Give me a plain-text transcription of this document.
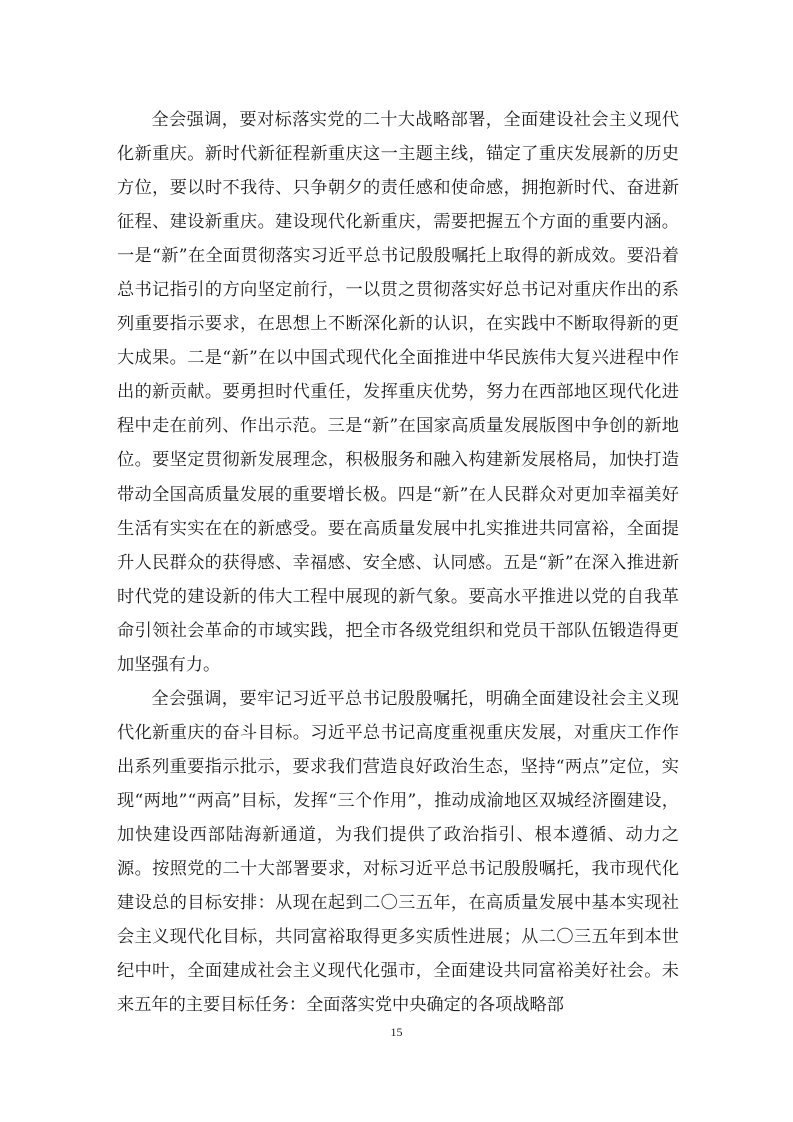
全会强调，要对标落实党的二十大战略部署，全面建设社会主义现代化新重庆。新时代新征程新重庆这一主题主线，锚定了重庆发展新的历史方位，要以时不我待、只争朝夕的责任感和使命感，拥抱新时代、奋进新征程、建设新重庆。建设现代化新重庆，需要把握五个方面的重要内涵。一是“新”在全面贯彻落实习近平总书记殷殷嘱托上取得的新成效。要沿着总书记指引的方向坚定前行，一以贯之贯彻落实好总书记对重庆作出的系列重要指示要求，在思想上不断深化新的认识，在实践中不断取得新的更大成果。二是“新”在以中国式现代化全面推进中华民族伟大复兴进程中作出的新贡献。要勇担时代重任，发挥重庆优势，努力在西部地区现代化进程中走在前列、作出示范。三是“新”在国家高质量发展版图中争创的新地位。要坚定贯彻新发展理念，积极服务和融入构建新发展格局，加快打造带动全国高质量发展的重要增长极。四是“新”在人民群众对更加幸福美好生活有实实在在的新感受。要在高质量发展中扎实推进共同富裕，全面提升人民群众的获得感、幸福感、安全感、认同感。五是“新”在深入推进新时代党的建设新的伟大工程中展现的新气象。要高水平推进以党的自我革命引领社会革命的市域实践，把全市各级党组织和党员干部队伍锻造得更加坚强有力。

全会强调，要牢记习近平总书记殷殷嘱托，明确全面建设社会主义现代化新重庆的奋斗目标。习近平总书记高度重视重庆发展，对重庆工作作出系列重要指示批示，要求我们营造良好政治生态，坚持“两点”定位，实现“两地”“两高”目标，发挥“三个作用”，推动成渝地区双城经济圈建设，加快建设西部陆海新通道，为我们提供了政治指引、根本遵循、动力之源。按照党的二十大部署要求，对标习近平总书记殷殷嘱托，我市现代化建设总的目标安排：从现在起到二〇三五年，在高质量发展中基本实现社会主义现代化目标，共同富裕取得更多实质性进展；从二〇三五年到本世纪中叶，全面建成社会主义现代化强市，全面建设共同富裕美好社会。未来五年的主要目标任务：全面落实党中央确定的各项战略部

15
